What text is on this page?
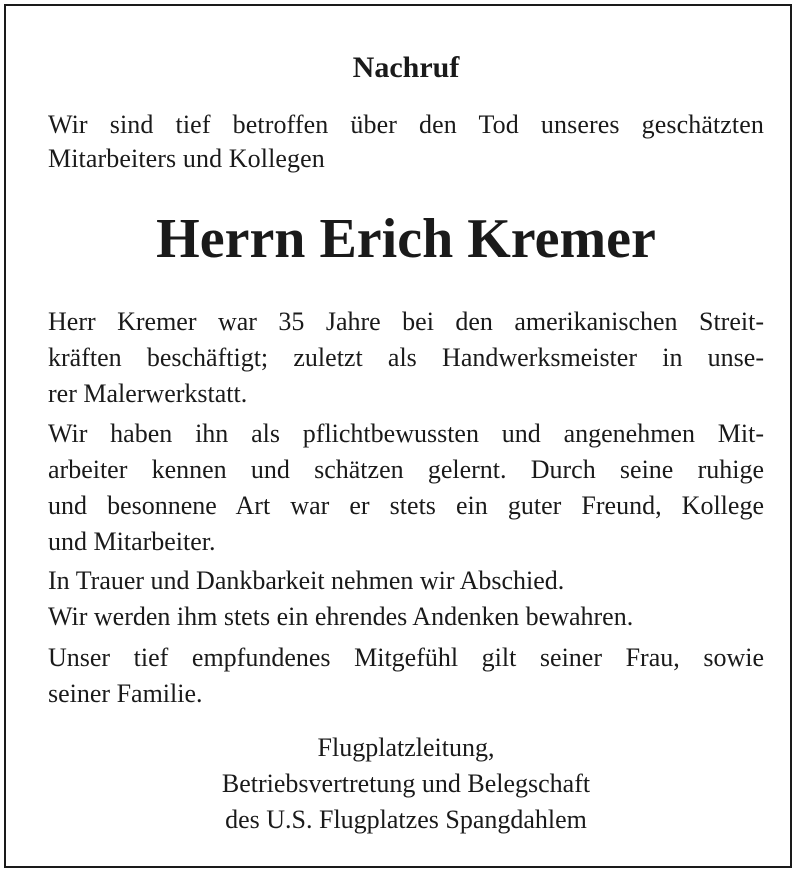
Nachruf

Wir sind tief betroffen über den Tod unseres geschätzten
Mitarbeiters und Kollegen

Herrn Erich Kremer

Herr Kremer war 35 Jahre bei den amerikanischen Streit-
kräften beschäftigt; zuletzt als Handwerksmeister in unse-
rer Malerwerkstatt.

Wir haben ihn als pflichtbewussten und angenehmen Mit-
arbeiter kennen und schätzen gelernt. Durch seine ruhige
und besonnene Art war er stets ein guter Freund, Kollege
und Mitarbeiter.

In Trauer und Dankbarkeit nehmen wir Abschied.
Wir werden ihm stets ein ehrendes Andenken bewahren.

Unser tief empfundenes Mitgefühl gilt seiner Frau, sowie
seiner Familie.

Flugplatzleitung,
Betriebsvertretung und Belegschaft
des U.S. Flugplatzes Spangdahlem
